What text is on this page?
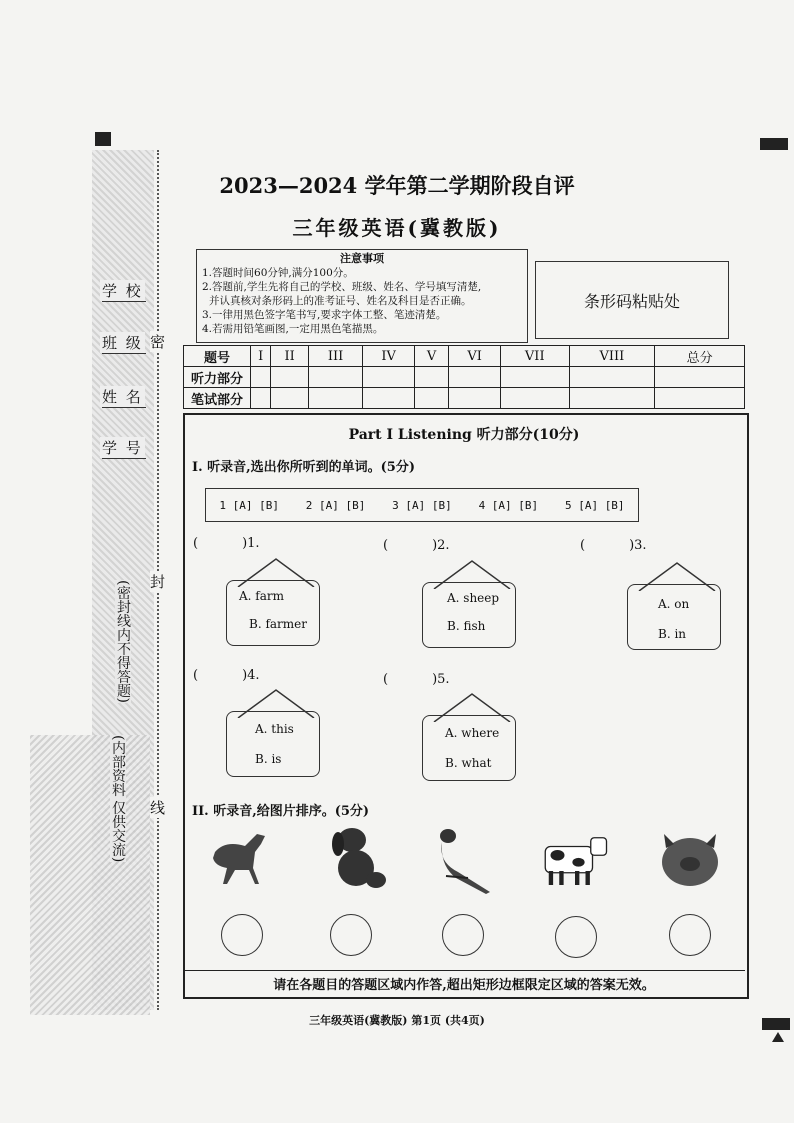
学 校
班 级
姓 名
学 号
密
封
线
(密封线内不得答题)
(内部资料 仅供交流)
2023—2024 学年第二学期阶段自评
三年级英语(冀教版)
注意事项

1.答题时间60分钟,满分100分。

2.答题前,学生先将自己的学校、班级、姓名、学号填写清楚,

并认真核对条形码上的准考证号、姓名及科目是否正确。

3.一律用黑色签字笔书写,要求字体工整、笔迹清楚。

4.若需用铅笔画图,一定用黑色笔描黑。

条形码粘贴处
题号	I	II	III	IV	V	VI	VII	VIII	总分
听力部分									
笔试部分									
Part I Listening 听力部分(10分)
I. 听录音,选出你所听到的单词。(5分)
1 [A] [B] 2 [A] [B] 3 [A] [B] 4 [A] [B] 5 [A] [B]
(	)1.	(	)2.	(	)3.
(	)4.	(	)5.
A. farm
B. farmer
A. sheep
B. fish
A. on
B. in
A. this
B. is
A. where
B. what
II. 听录音,给图片排序。(5分)
请在各题目的答题区域内作答,超出矩形边框限定区域的答案无效。
三年级英语(冀教版) 第1页 (共4页)
